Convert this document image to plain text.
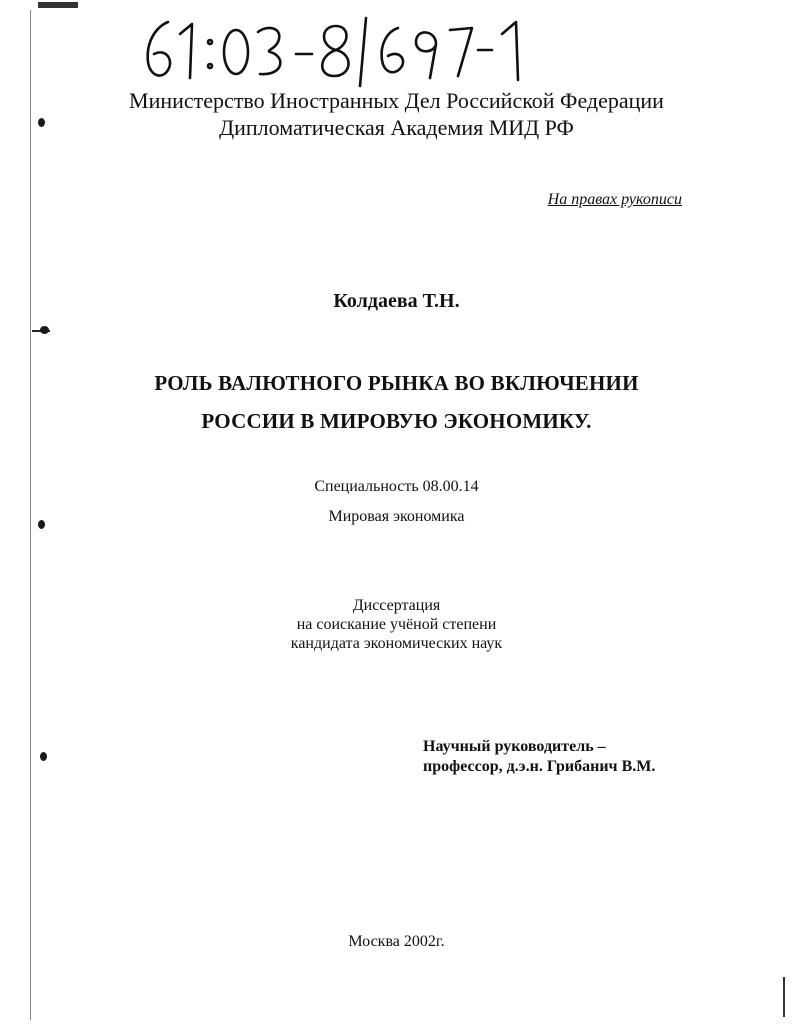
Министерство Иностранных Дел Российской Федерации
Дипломатическая Академия МИД РФ
На правах рукописи
Колдаева Т.Н.
РОЛЬ ВАЛЮТНОГО РЫНКА ВО ВКЛЮЧЕНИИ
РОССИИ В МИРОВУЮ ЭКОНОМИКУ.
Специальность 08.00.14
Мировая экономика
Диссертация
на соискание учёной степени
кандидата экономических наук
Научный руководитель –
профессор, д.э.н. Грибанич В.М.
Москва 2002г.
